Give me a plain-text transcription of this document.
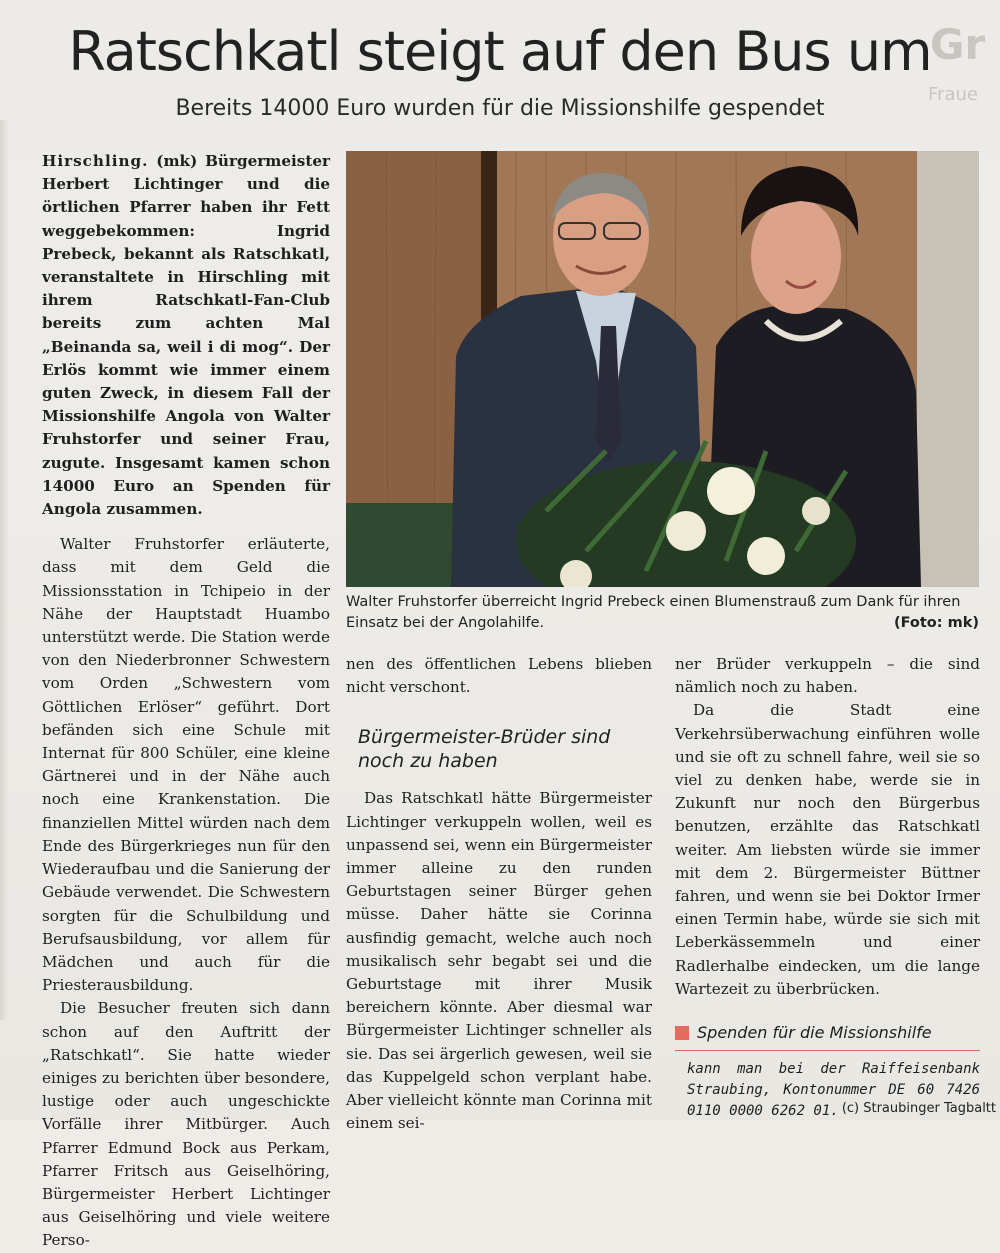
Gr
Fraue
Ratschkatl steigt auf den Bus um
Bereits 14000 Euro wurden für die Missionshilfe gespendet

Hirschling. (mk) Bürgermeister Herbert Lichtinger und die örtlichen Pfarrer haben ihr Fett weggebekommen: Ingrid Prebeck, bekannt als Ratschkatl, veranstaltete in Hirschling mit ihrem Ratschkatl-Fan-Club bereits zum achten Mal „Beinanda sa, weil i di mog“. Der Erlös kommt wie immer einem guten Zweck, in diesem Fall der Missionshilfe Angola von Walter Fruhstorfer und seiner Frau, zugute. Insgesamt kamen schon 14000 Euro an Spenden für Angola zusammen.

Walter Fruhstorfer erläuterte, dass mit dem Geld die Missionsstation in Tchipeio in der Nähe der Hauptstadt Huambo unterstützt werde. Die Station werde von den Niederbronner Schwestern vom Orden „Schwestern vom Göttlichen Erlöser“ geführt. Dort befänden sich eine Schule mit Internat für 800 Schüler, eine kleine Gärtnerei und in der Nähe auch noch eine Krankenstation. Die finanziellen Mittel würden nach dem Ende des Bürgerkrieges nun für den Wiederaufbau und die Sanierung der Gebäude verwendet. Die Schwestern sorgten für die Schulbildung und Berufsausbildung, vor allem für Mädchen und auch für die Priesterausbildung.

Die Besucher freuten sich dann schon auf den Auftritt der „Ratschkatl“. Sie hatte wieder einiges zu berichten über besondere, lustige oder auch ungeschickte Vorfälle ihrer Mitbürger. Auch Pfarrer Edmund Bock aus Perkam, Pfarrer Fritsch aus Geiselhöring, Bürgermeister Herbert Lichtinger aus Geiselhöring und viele weitere Perso-

Walter Fruhstorfer überreicht Ingrid Prebeck einen Blumenstrauß zum Dank für ihren Einsatz bei der Angolahilfe.	(Foto: mk)

nen des öffentlichen Lebens blieben nicht verschont.

Bürgermeister-Brüder sind noch zu haben

Das Ratschkatl hätte Bürgermeister Lichtinger verkuppeln wollen, weil es unpassend sei, wenn ein Bürgermeister immer alleine zu den runden Geburtstagen seiner Bürger gehen müsse. Daher hätte sie Corinna ausfindig gemacht, welche auch noch musikalisch sehr begabt sei und die Geburtstage mit ihrer Musik bereichern könnte. Aber diesmal war Bürgermeister Lichtinger schneller als sie. Das sei ärgerlich gewesen, weil sie das Kuppelgeld schon verplant habe. Aber vielleicht könnte man Corinna mit einem sei-

ner Brüder verkuppeln – die sind nämlich noch zu haben.

Da die Stadt eine Verkehrsüberwachung einführen wolle und sie oft zu schnell fahre, weil sie so viel zu denken habe, werde sie in Zukunft nur noch den Bürgerbus benutzen, erzählte das Ratschkatl weiter. Am liebsten würde sie immer mit dem 2. Bürgermeister Büttner fahren, und wenn sie bei Doktor Irmer einen Termin habe, würde sie sich mit Leberkässemmeln und einer Radlerhalbe eindecken, um die lange Wartezeit zu überbrücken.

Spenden für die Missionshilfe

kann man bei der Raiffeisenbank Straubing, Kontonummer DE 60 7426 0110 0000 6262 01. (c) Straubinger Tagbaltt
